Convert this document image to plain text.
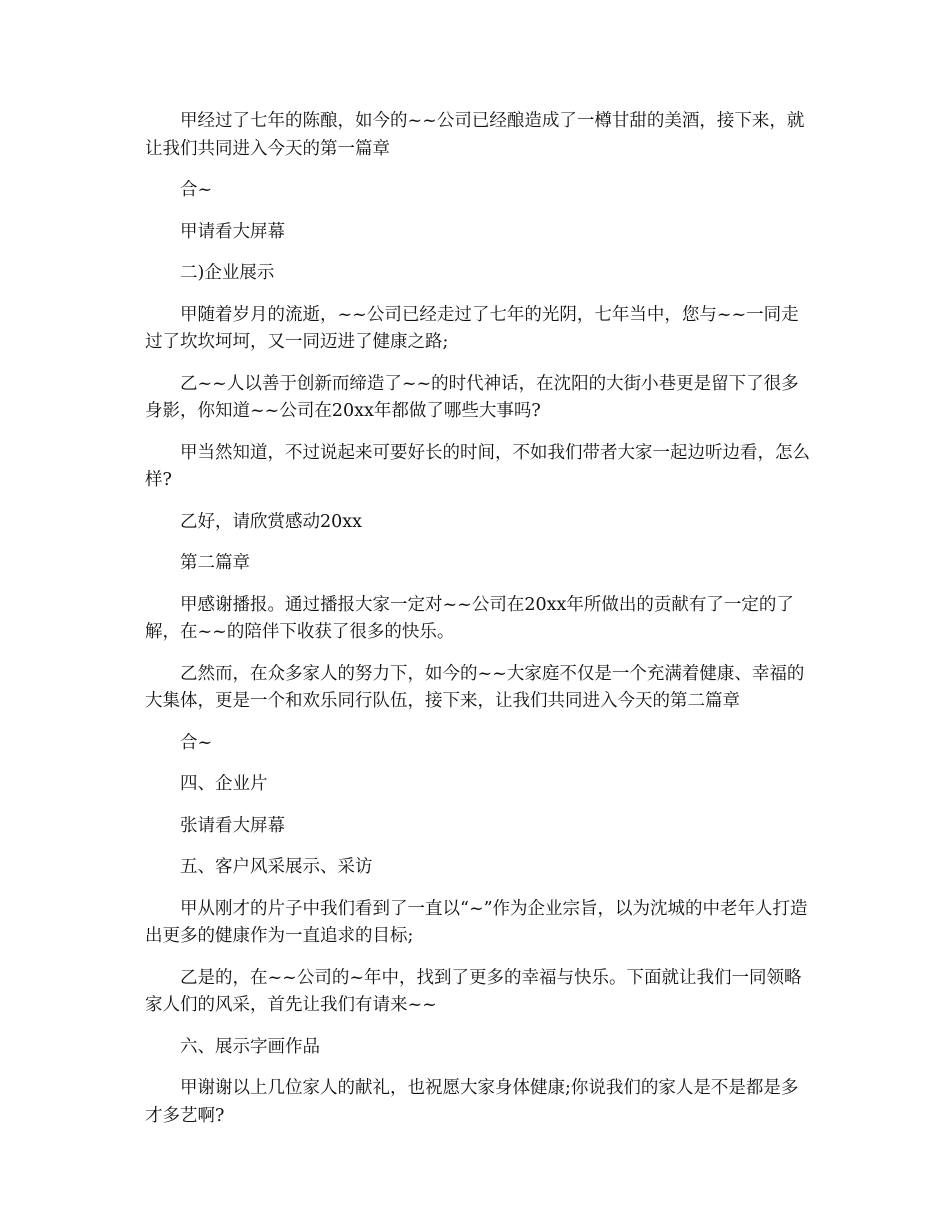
甲经过了七年的陈酿，如今的~~公司已经酿造成了一樽甘甜的美酒，接下来，就让我们共同进入今天的第一篇章

合~

甲请看大屏幕

二)企业展示

甲随着岁月的流逝，~~公司已经走过了七年的光阴，七年当中，您与~~一同走过了坎坎坷坷，又一同迈进了健康之路;

乙~~人以善于创新而缔造了~~的时代神话，在沈阳的大街小巷更是留下了很多身影，你知道~~公司在20xx年都做了哪些大事吗?

甲当然知道，不过说起来可要好长的时间，不如我们带者大家一起边听边看，怎么样?

乙好，请欣赏感动20xx

第二篇章

甲感谢播报。通过播报大家一定对~~公司在20xx年所做出的贡献有了一定的了解，在~~的陪伴下收获了很多的快乐。

乙然而，在众多家人的努力下，如今的~~大家庭不仅是一个充满着健康、幸福的大集体，更是一个和欢乐同行队伍，接下来，让我们共同进入今天的第二篇章

合~

四、企业片

张请看大屏幕

五、客户风采展示、采访

甲从刚才的片子中我们看到了一直以“~”作为企业宗旨，以为沈城的中老年人打造出更多的健康作为一直追求的目标;

乙是的，在~~公司的~年中，找到了更多的幸福与快乐。下面就让我们一同领略家人们的风采，首先让我们有请来~~

六、展示字画作品

甲谢谢以上几位家人的献礼，也祝愿大家身体健康;你说我们的家人是不是都是多才多艺啊?
